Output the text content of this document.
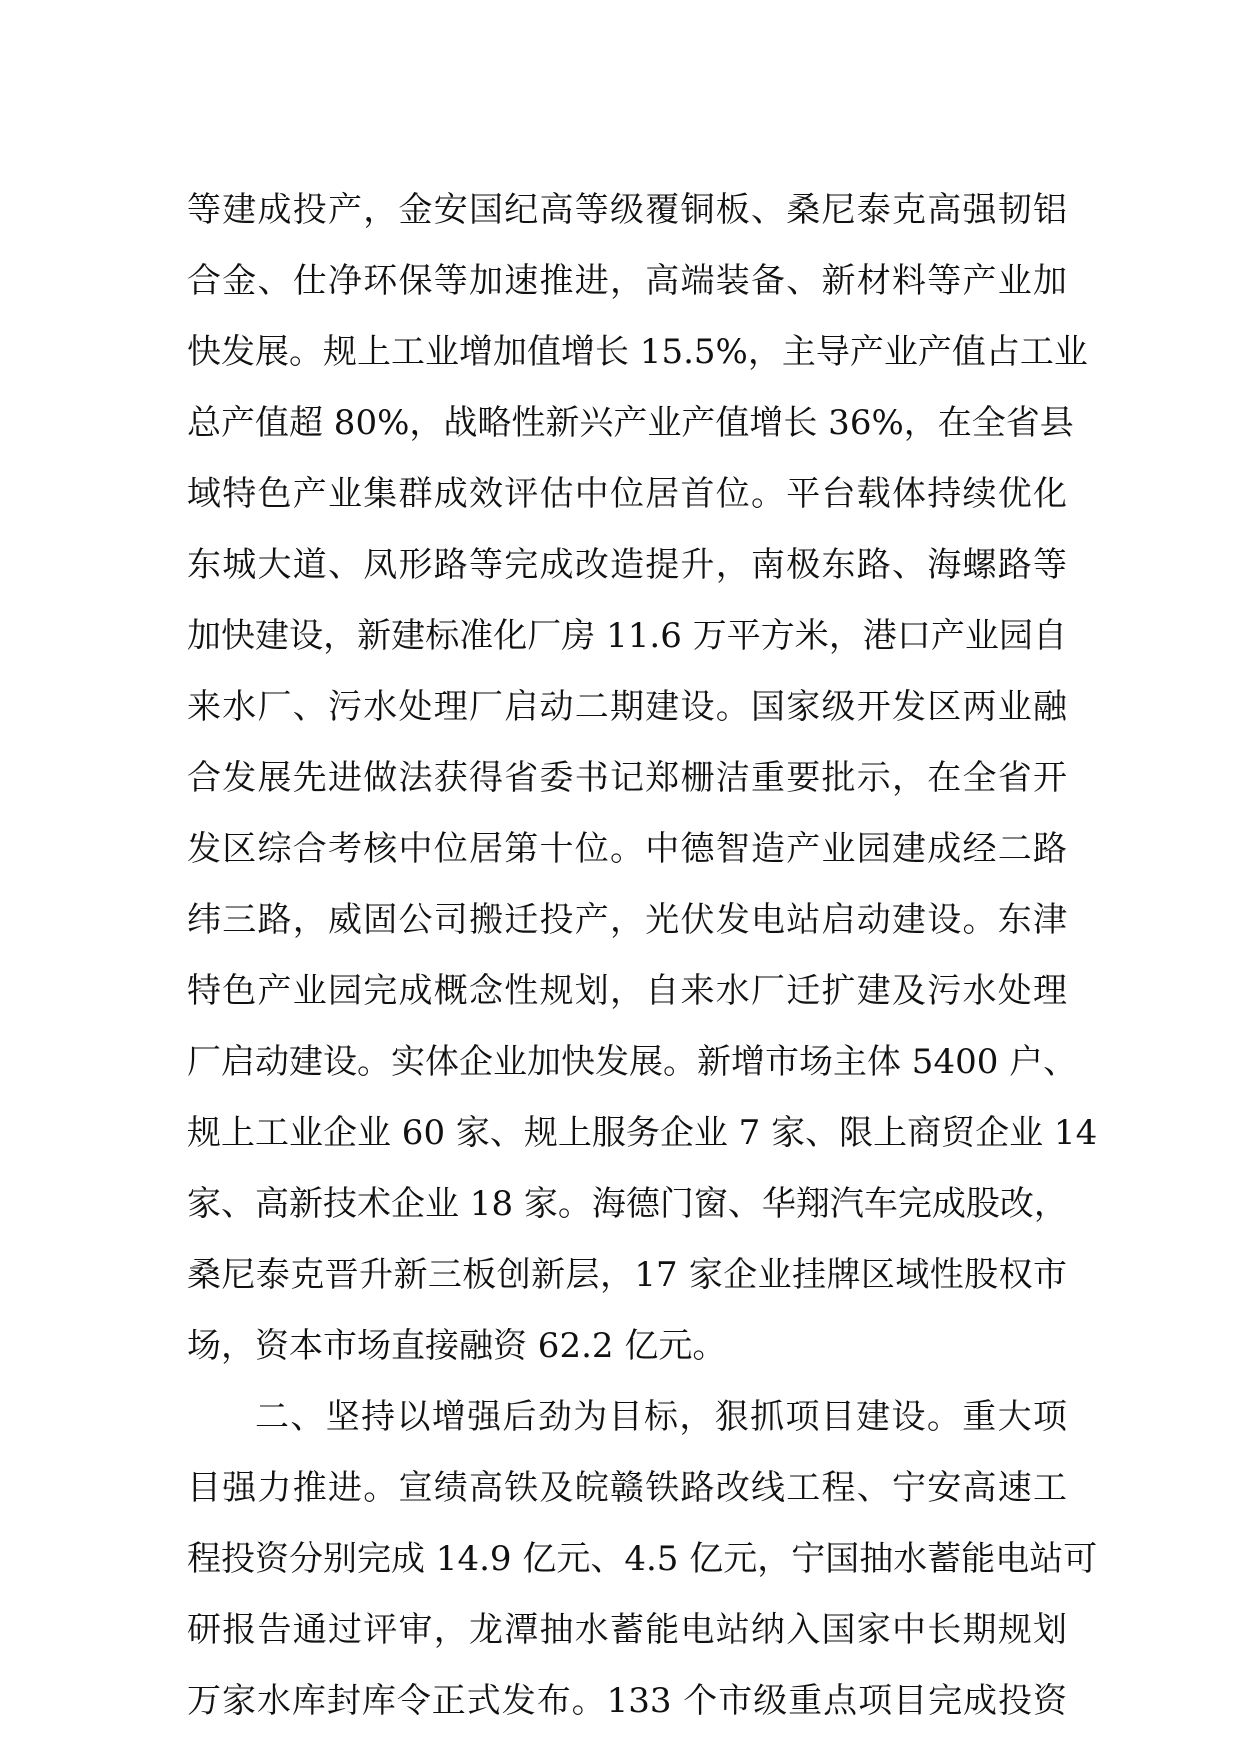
等建成投产，金安国纪高等级覆铜板、桑尼泰克高强韧铝
合金、仕净环保等加速推进，高端装备、新材料等产业加
快发展。规上工业增加值增长 15.5%，主导产业产值占工业
总产值超 80%，战略性新兴产业产值增长 36%，在全省县
域特色产业集群成效评估中位居首位。平台载体持续优化
东城大道、凤形路等完成改造提升，南极东路、海螺路等
加快建设，新建标准化厂房 11.6 万平方米，港口产业园自
来水厂、污水处理厂启动二期建设。国家级开发区两业融
合发展先进做法获得省委书记郑栅洁重要批示，在全省开
发区综合考核中位居第十位。中德智造产业园建成经二路
纬三路，威固公司搬迁投产，光伏发电站启动建设。东津
特色产业园完成概念性规划，自来水厂迁扩建及污水处理
厂启动建设。实体企业加快发展。新增市场主体 5400 户、
规上工业企业 60 家、规上服务企业 7 家、限上商贸企业 14
家、高新技术企业 18 家。海德门窗、华翔汽车完成股改，
桑尼泰克晋升新三板创新层，17 家企业挂牌区域性股权市
场，资本市场直接融资 62.2 亿元。
二、坚持以增强后劲为目标，狠抓项目建设。重大项
目强力推进。宣绩高铁及皖赣铁路改线工程、宁安高速工
程投资分别完成 14.9 亿元、4.5 亿元，宁国抽水蓄能电站可
研报告通过评审，龙潭抽水蓄能电站纳入国家中长期规划
万家水库封库令正式发布。133 个市级重点项目完成投资
